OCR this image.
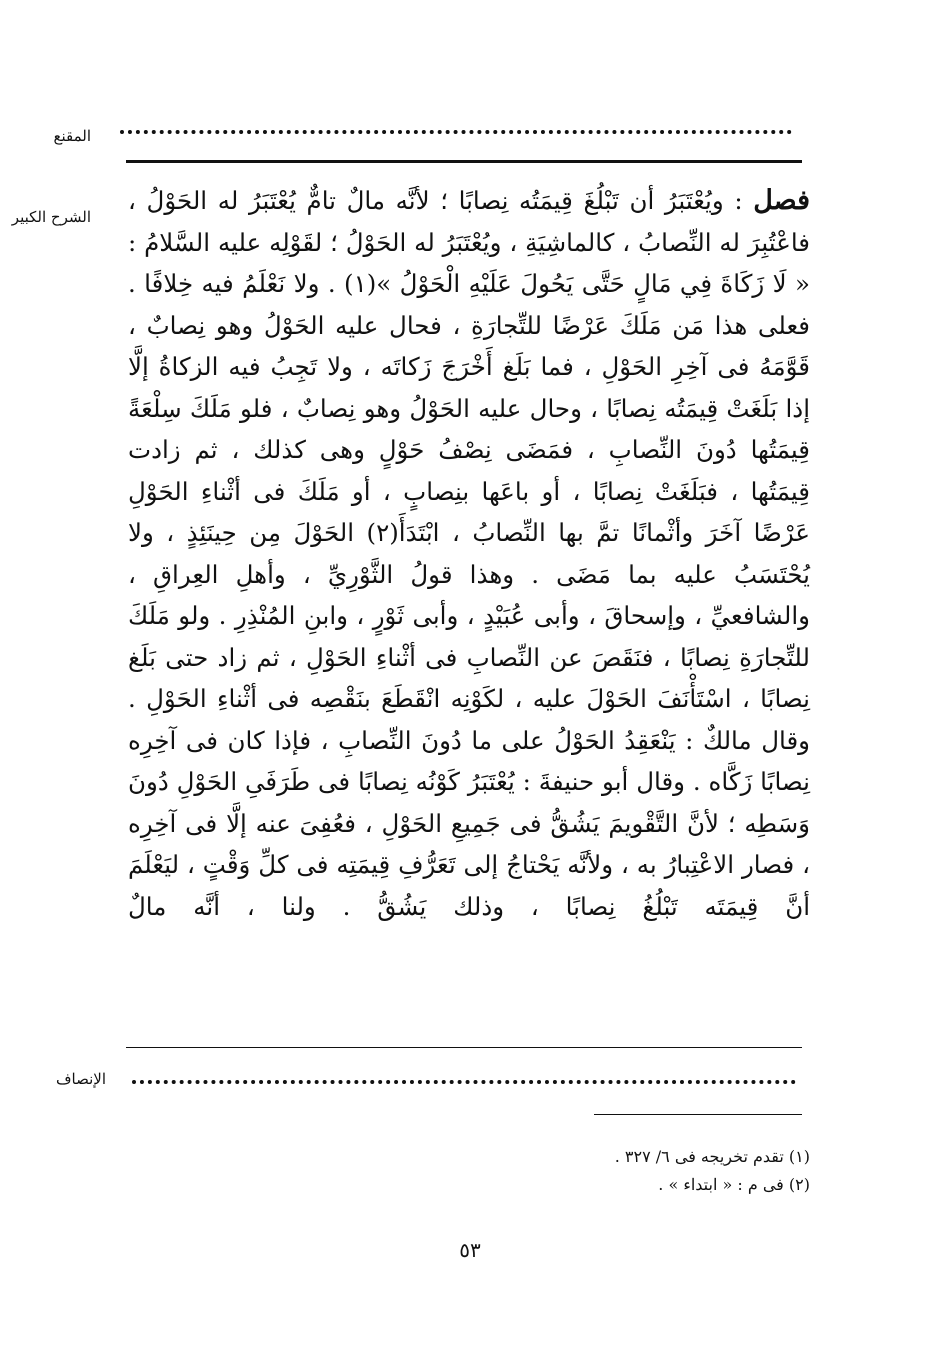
المقنع
الشرح الكبير

فصل : ويُعْتَبَرُ أن تَبْلُغَ قِيمَتُه نِصابًا ؛ لأنَّه مالٌ تامٌّ يُعْتَبَرُ له الحَوْلُ ، فاعْتُبِرَ له النِّصابُ ، كالماشِيَةِ ، ويُعْتَبَرُ له الحَوْلُ ؛ لقَوْلِه عليه السَّلامُ : « لَا زَكَاةَ فِي مَالٍ حَتَّى يَحُولَ عَلَيْهِ الْحَوْلُ »(١) . ولا نَعْلَمُ فيه خِلافًا . فعلى هذا مَن مَلَكَ عَرْضًا للتِّجارَةِ ، فحال عليه الحَوْلُ وهو نِصابٌ ، قَوَّمَهُ فى آخِرِ الحَوْلِ ، فما بَلَغ أَخْرَجَ زَكاتَه ، ولا تَجِبُ فيه الزكاةُ إلَّا إذا بَلَغَتْ قِيمَتُه نِصابًا ، وحال عليه الحَوْلُ وهو نِصابٌ ، فلو مَلَكَ سِلْعَةً قِيمَتُها دُونَ النِّصابِ ، فمَضَى نِصْفُ حَوْلٍ وهى كذلك ، ثم زادت قِيمَتُها ، فبَلَغَتْ نِصابًا ، أو باعَها بنِصابٍ ، أو مَلَكَ فى أثْناءِ الحَوْلِ عَرْضًا آخَرَ وأثْمانًا تمَّ بها النِّصابُ ، ابْتَدَأَ(٢) الحَوْلَ مِن حِينَئِذٍ ، ولا يُحْتَسَبُ عليه بما مَضَى . وهذا قولُ الثَّوْرِيِّ ، وأهلِ العِراقِ ، والشافعيِّ ، وإسحاقَ ، وأبى عُبَيْدٍ ، وأبى ثَوْرٍ ، وابنِ المُنْذِرِ . ولو مَلَكَ للتِّجارَةِ نِصابًا ، فنَقَصَ عن النِّصابِ فى أثْناءِ الحَوْلِ ، ثم زاد حتى بَلَغ نِصابًا ، اسْتَأْنَفَ الحَوْلَ عليه ، لكَوْنِه انْقَطَعَ بنَقْصِه فى أثْناءِ الحَوْلِ . وقال مالكٌ : يَنْعَقِدُ الحَوْلُ على ما دُونَ النِّصابِ ، فإذا كان فى آخِرِه نِصابًا زَكَّاه . وقال أبو حنيفةَ : يُعْتَبَرُ كَوْنُه نِصابًا فى طَرَفَىِ الحَوْلِ دُونَ وَسَطِه ؛ لأنَّ التَّقْويمَ يَشُقُّ فى جَمِيعِ الحَوْلِ ، فعُفِىَ عنه إلَّا فى آخِرِه ، فصار الاعْتِبارُ به ، ولأنَّه يَحْتاجُ إلى تَعَرُّفِ قِيمَتِه فى كلِّ وَقْتٍ ، ليَعْلَمَ أنَّ قِيمَتَه تَبْلُغُ نِصابًا ، وذلك يَشُقُّ . ولنا ، أنَّه مالٌ

الإنصاف
(١) تقدم تخريجه فى ٦/ ٣٢٧ .
(٢) فى م : « ابتداء » .
٥٣
